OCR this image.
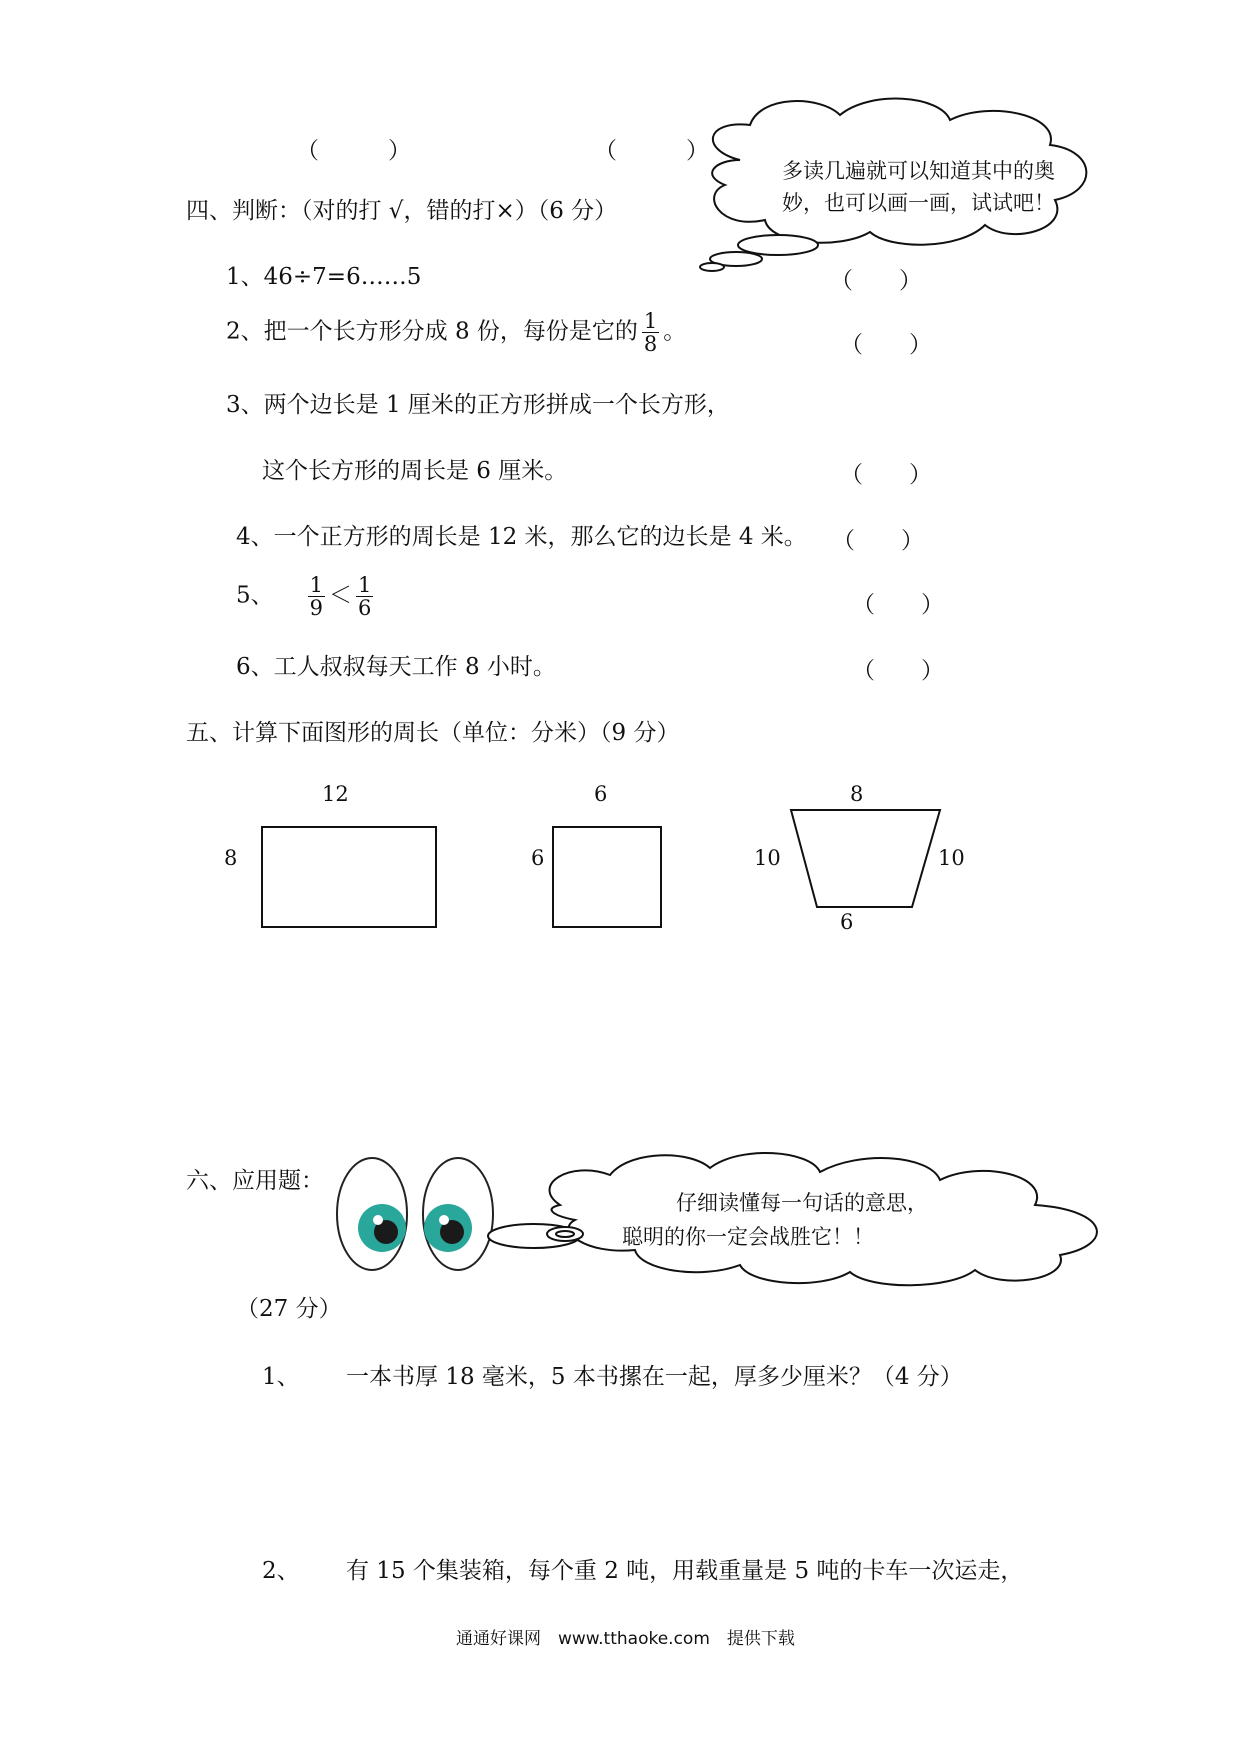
（　　　）	（　　　）
多读几遍就可以知道其中的奥
妙，也可以画一画，试试吧！
四、判断：（对的打 √，错的打×）（6 分）
1、46÷7=6……5	（　　）
2、把一个长方形分成 8 份，每份是它的 $\frac{1}{8}$ 。
（　　）
3、两个边长是 1 厘米的正方形拼成一个长方形，
这个长方形的周长是 6 厘米。	（　　）
4、一个正方形的周长是 12 米，那么它的边长是 4 米。 （　　）
5、 $\frac{1}{9} < \frac{1}{6}$	（　　）
6、工人叔叔每天工作 8 小时。	（　　）
五、计算下面图形的周长（单位：分米）（9 分）
12
8
6
6
8
10	10
6
六、应用题：
仔细读懂每一句话的意思，
聪明的你一定会战胜它！！
（27 分）
1、 一本书厚 18 毫米，5 本书摞在一起，厚多少厘米？（4 分）
2、 有 15 个集装箱，每个重 2 吨，用载重量是 5 吨的卡车一次运走，
通通好课网　www.tthaoke.com　提供下载
